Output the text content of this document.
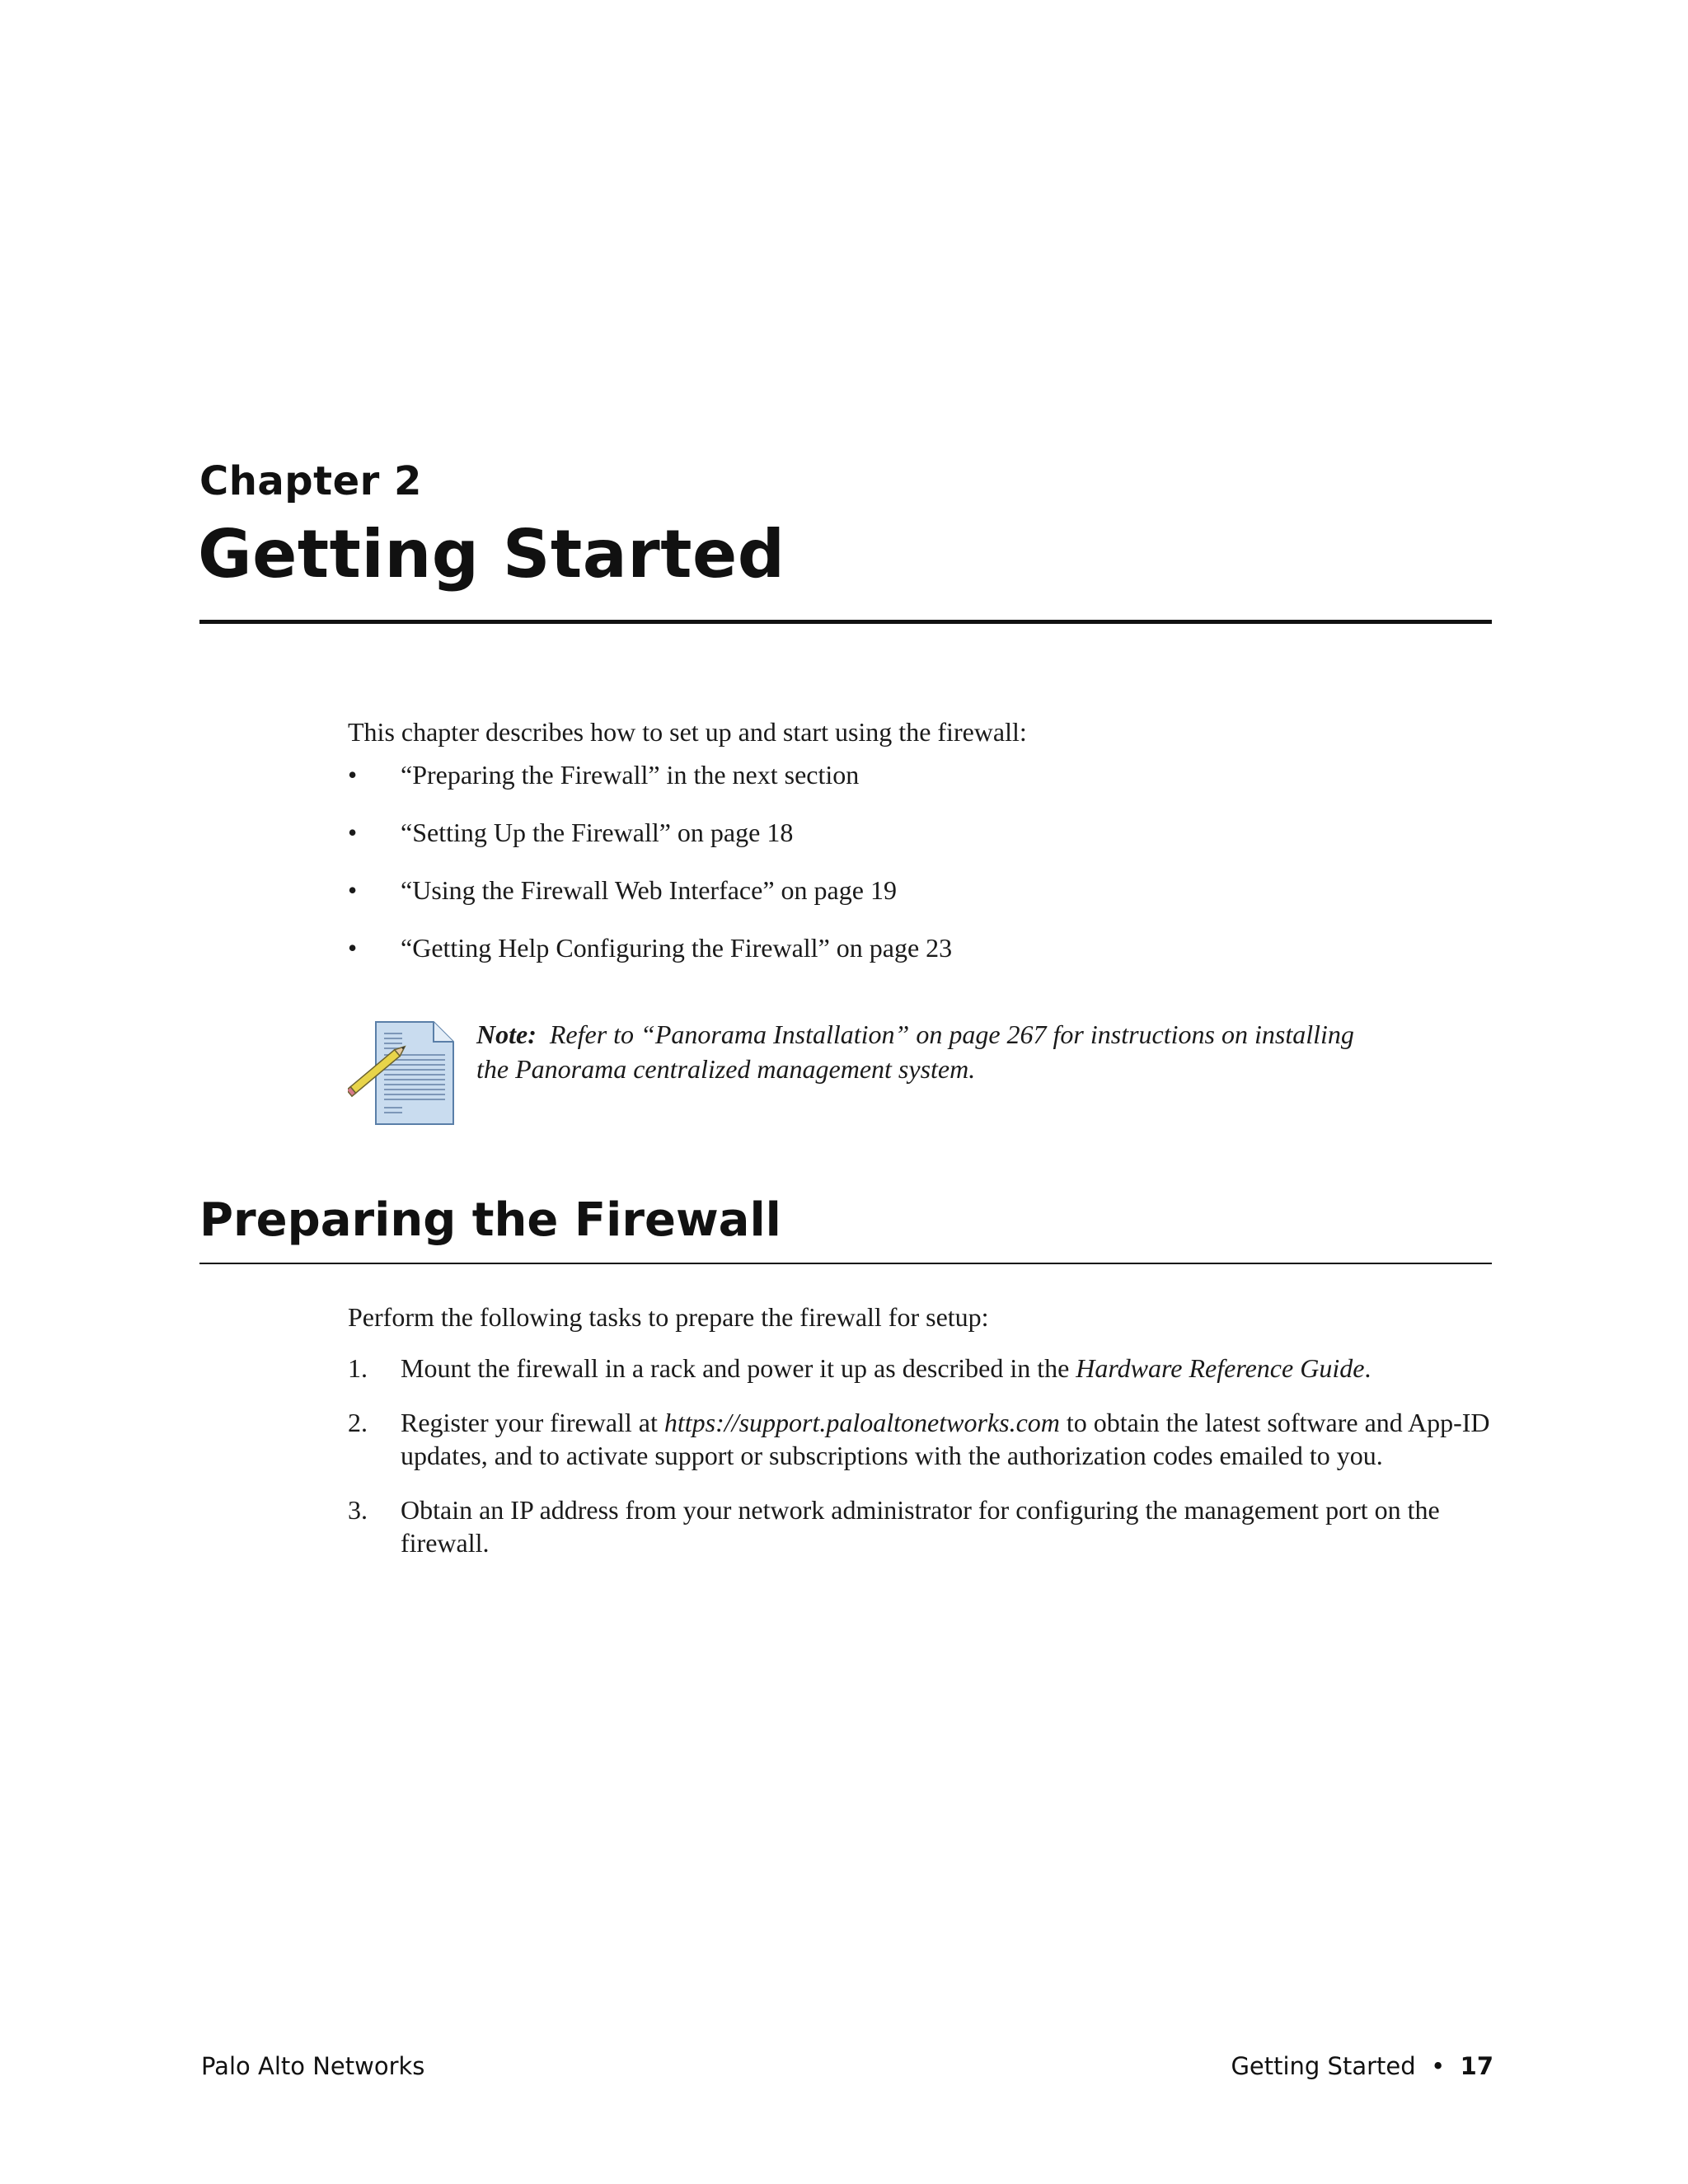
Chapter 2
Getting Started

This chapter describes how to set up and start using the firewall:

• “Preparing the Firewall” in the next section
• “Setting Up the Firewall” on page 18
• “Using the Firewall Web Interface” on page 19
• “Getting Help Configuring the Firewall” on page 23

Note: Refer to “Panorama Installation” on page 267 for instructions on installing the Panorama centralized management system.

Preparing the Firewall

Perform the following tasks to prepare the firewall for setup:

1. Mount the firewall in a rack and power it up as described in the Hardware Reference Guide.
2. Register your firewall at https://support.paloaltonetworks.com to obtain the latest software and App-ID updates, and to activate support or subscriptions with the authorization codes emailed to you.
3. Obtain an IP address from your network administrator for configuring the management port on the firewall.

Palo Alto Networks	Getting Started • 17
